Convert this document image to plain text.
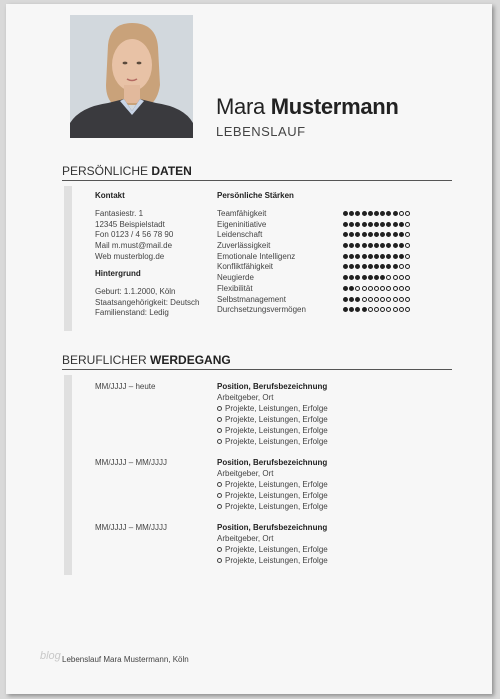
Mara Mustermann
LEBENSLAUF
PERSÖNLICHE DATEN
Kontakt
Fantasiestr. 1
12345 Beispielstadt
Fon 0123 / 4 56 78 90
Mail m.must@mail.de
Web musterblog.de
Hintergrund
Geburt: 1.1.2000, Köln
Staatsangehörigkeit: Deutsch
Familienstand: Ledig
Persönliche Stärken
Teamfähigkeit
Eigeninitiative
Leidenschaft
Zuverlässigkeit
Emotionale Intelligenz
Konfliktfähigkeit
Neugierde
Flexibilität
Selbstmanagement
Durchsetzungsvermögen
BERUFLICHER WERDEGANG
MM/JJJJ – heute	Position, Berufsbezeichnung
Arbeitgeber, Ort
Projekte, Leistungen, Erfolge
Projekte, Leistungen, Erfolge
Projekte, Leistungen, Erfolge
Projekte, Leistungen, Erfolge
MM/JJJJ – MM/JJJJ	Position, Berufsbezeichnung
Arbeitgeber, Ort
Projekte, Leistungen, Erfolge
Projekte, Leistungen, Erfolge
Projekte, Leistungen, Erfolge
MM/JJJJ – MM/JJJJ	Position, Berufsbezeichnung
Arbeitgeber, Ort
Projekte, Leistungen, Erfolge
Projekte, Leistungen, Erfolge
blog Lebenslauf Mara Mustermann, Köln
